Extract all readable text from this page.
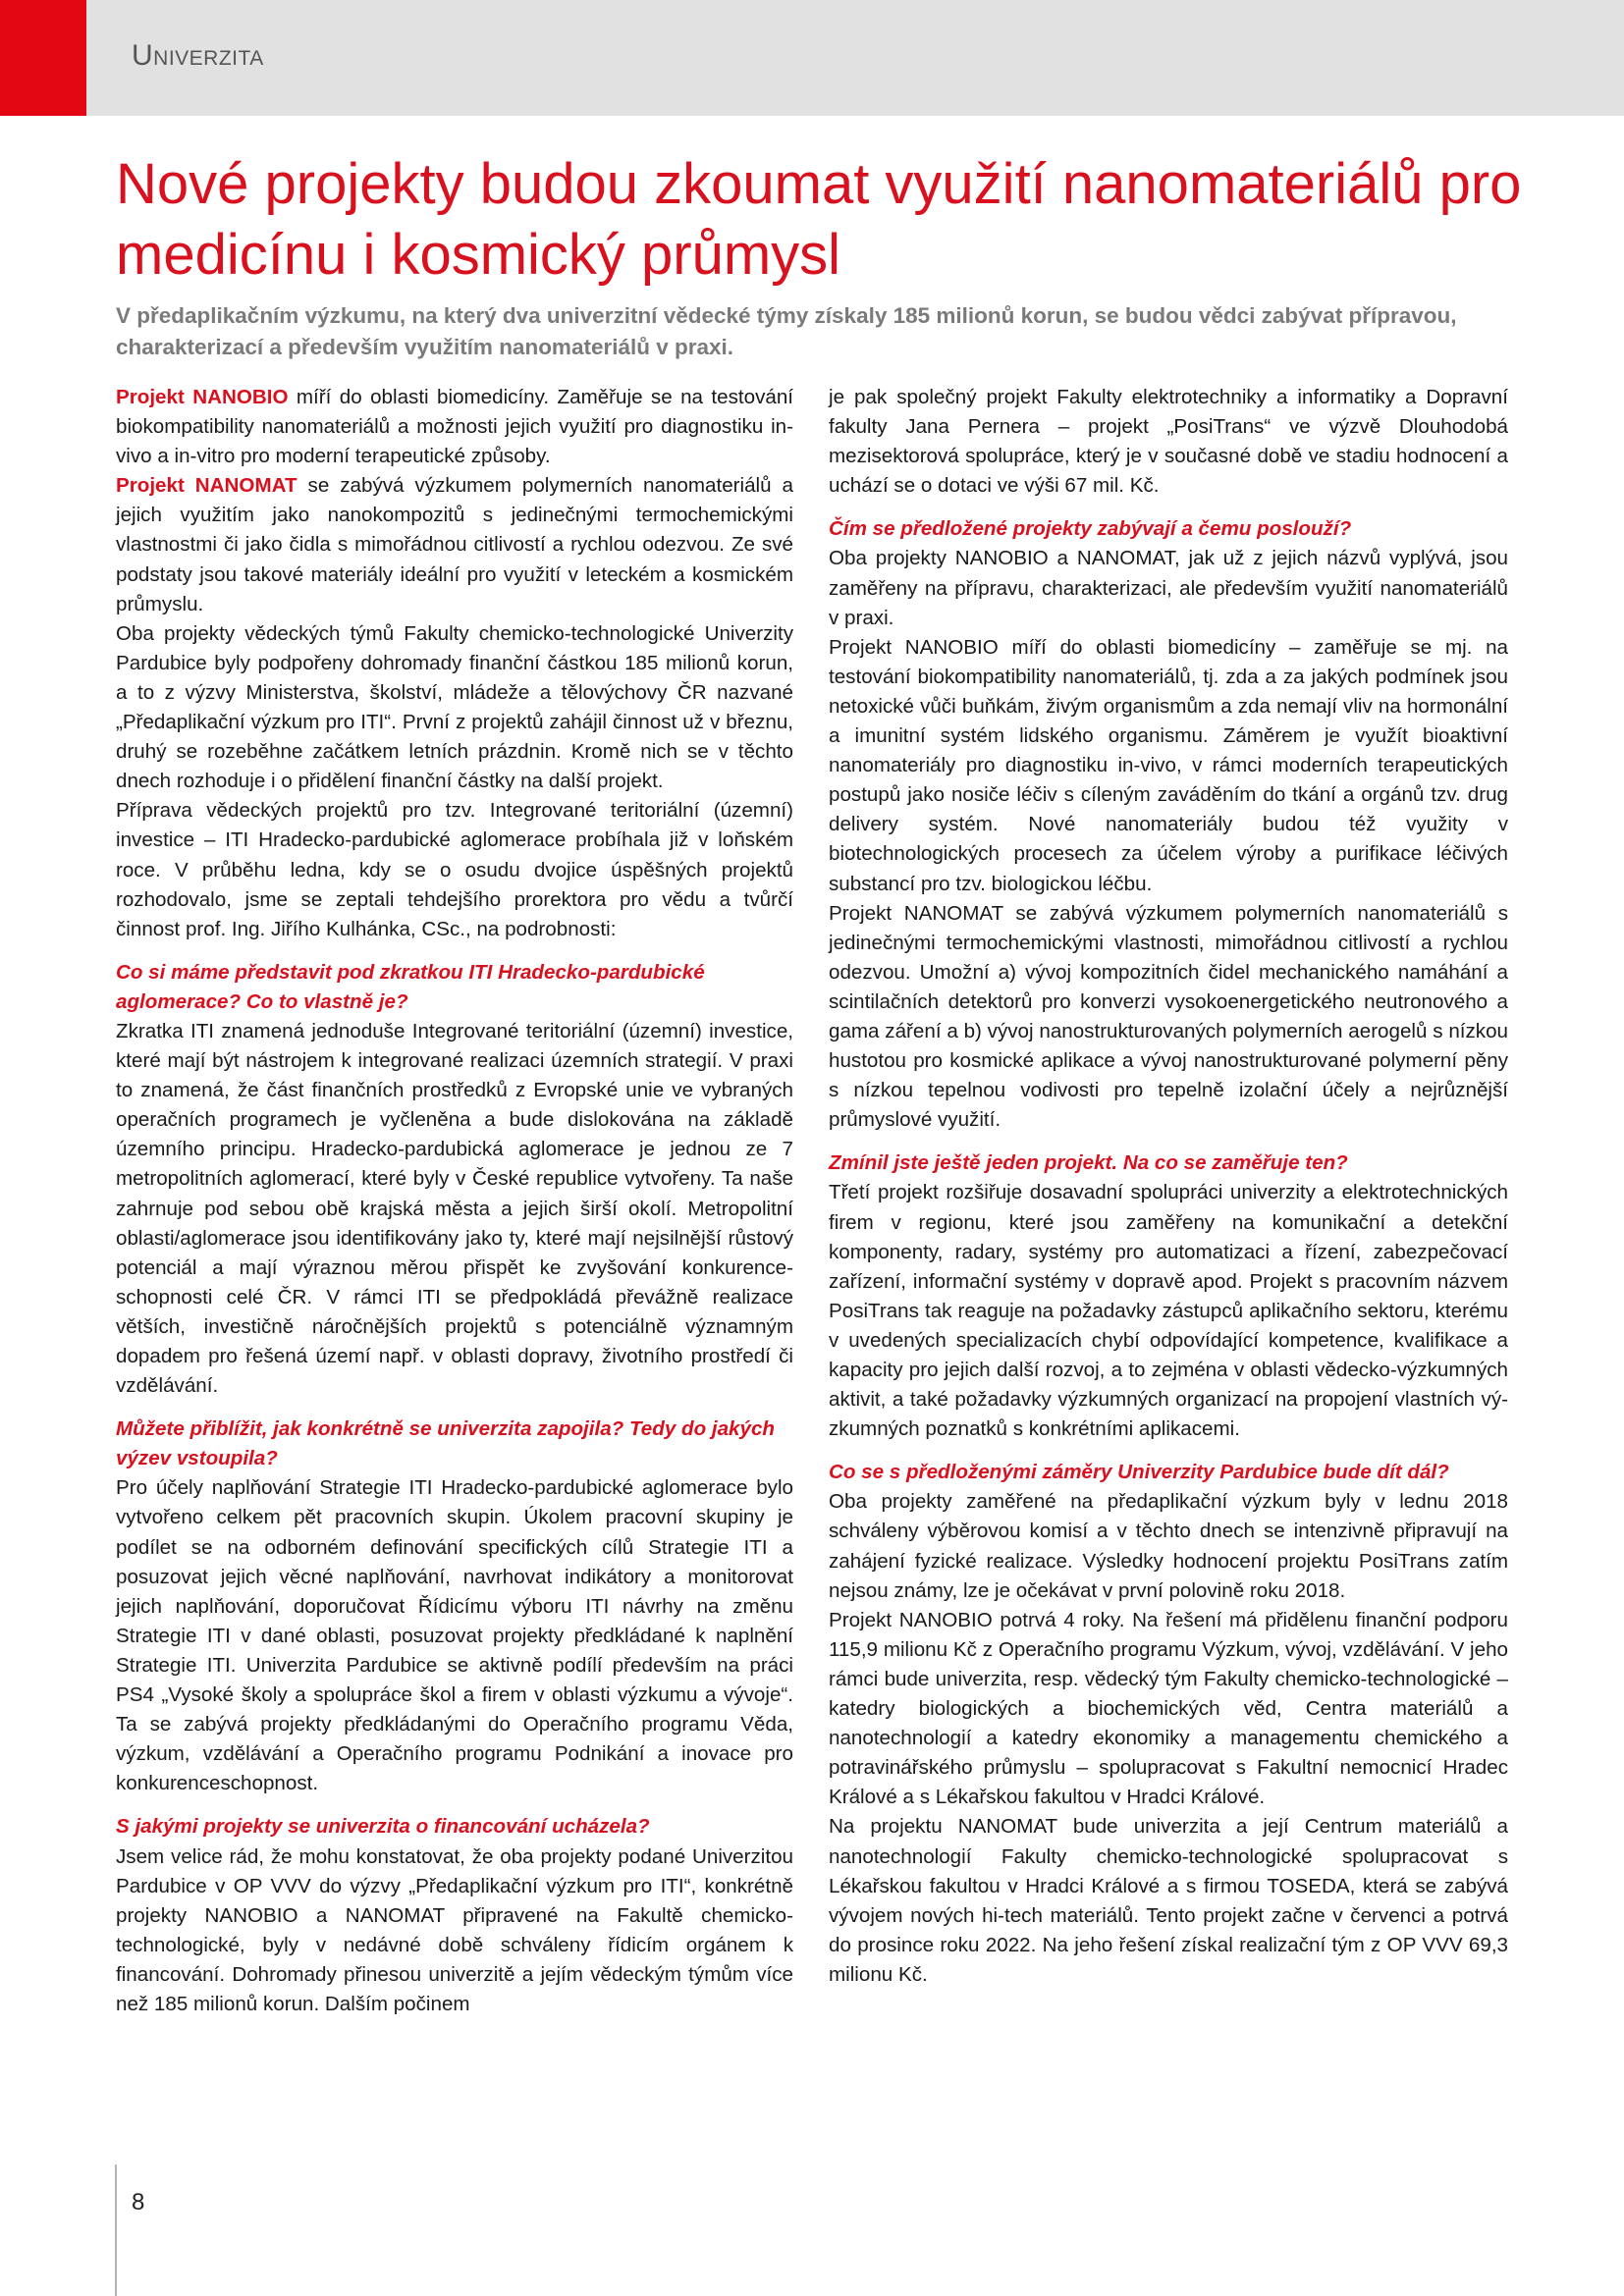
Univerzita
Nové projekty budou zkoumat využití nanomateriálů pro medicínu i kosmický průmysl

V předaplikačním výzkumu, na který dva univerzitní vědecké týmy získaly 185 milionů korun, se budou vědci zabývat přípravou, charakterizací a především využitím nanomateriálů v praxi.

Projekt NANOBIO míří do oblasti biomedicíny. Zaměřuje se na testování biokompatibility nanomateriálů a možnosti jejich využití pro diagnostiku in-vivo a in-vitro pro moderní terapeutické způsoby.

Projekt NANOMAT se zabývá výzkumem polymerních nanomateriálů a jejich využitím jako nanokompozitů s jedinečnými termochemickými vlastnostmi či jako čidla s mimořádnou citlivostí a rychlou odezvou. Ze své podstaty jsou takové materiály ideální pro využití v leteckém a kosmickém průmyslu.

Oba projekty vědeckých týmů Fakulty chemicko-technologické Univerzity Pardubice byly podpořeny dohromady finanční částkou 185 milionů korun, a to z výzvy Ministerstva, školství, mládeže a tělovýchovy ČR nazvané „Předaplikační výzkum pro ITI“. První z projektů zahájil činnost už v březnu, druhý se rozeběhne začátkem letních prázdnin. Kromě nich se v těchto dnech rozhoduje i o přidělení finanční částky na další projekt.

Příprava vědeckých projektů pro tzv. Integrované teritoriální (územní) investice – ITI Hradecko-pardubické aglomerace probíhala již v loňském roce. V průběhu ledna, kdy se o osudu dvojice úspěšných projektů rozhodovalo, jsme se zeptali tehdejšího prorektora pro vědu a tvůrčí činnost prof. Ing. Jiřího Kulhánka, CSc., na podrobnosti:

Co si máme představit pod zkratkou ITI Hradecko-pardubické aglomerace? Co to vlastně je?

Zkratka ITI znamená jednoduše Integrované teritoriální (územní) investice, které mají být nástrojem k integrované realizaci územních strategií. V praxi to znamená, že část finančních prostředků z Evropské unie ve vybraných operačních programech je vyčleněna a bude dislokována na základě územního principu. Hradecko-pardubická aglomerace je jednou ze 7 metropolitních aglomerací, které byly v České republice vytvořeny. Ta naše zahrnuje pod sebou obě krajská města a jejich širší okolí. Metropolitní oblasti/aglomerace jsou identifikovány jako ty, které mají nejsilnější růstový potenciál a mají výraznou měrou přispět ke zvyšování konkurenceschopnosti celé ČR. V rámci ITI se předpokládá převážně realizace větších, investičně náročnějších projektů s potenciálně významným dopadem pro řešená území např. v oblasti dopravy, životního prostředí či vzdělávání.

Můžete přiblížit, jak konkrétně se univerzita zapojila? Tedy do jakých výzev vstoupila?

Pro účely naplňování Strategie ITI Hradecko-pardubické aglomerace bylo vytvořeno celkem pět pracovních skupin. Úkolem pracovní skupiny je podílet se na odborném definování specifických cílů Strategie ITI a posuzovat jejich věcné naplňování, navrhovat indikátory a monitorovat jejich naplňování, doporučovat Řídicímu výboru ITI návrhy na změnu Strategie ITI v dané oblasti, posuzovat projekty předkládané k naplnění Strategie ITI. Univerzita Pardubice se aktivně podílí především na práci PS4 „Vysoké školy a spolupráce škol a firem v oblasti výzkumu a vývoje“. Ta se zabývá projekty předkládanými do Operačního programu Věda, výzkum, vzdělávání a Operačního programu Podnikání a inovace pro konkurenceschopnost.

S jakými projekty se univerzita o financování ucházela?

Jsem velice rád, že mohu konstatovat, že oba projekty podané Univerzitou Pardubice v OP VVV do výzvy „Předaplikační výzkum pro ITI“, konkrétně projekty NANOBIO a NANOMAT připravené na Fakultě chemicko-technologické, byly v nedávné době schváleny řídicím orgánem k financování. Dohromady přinesou univerzitě a jejím vědeckým týmům více než 185 milionů korun. Dalším počinem

je pak společný projekt Fakulty elektrotechniky a informatiky a Dopravní fakulty Jana Pernera – projekt „PosiTrans“ ve výzvě Dlouhodobá mezisektorová spolupráce, který je v současné době ve stadiu hodnocení a uchází se o dotaci ve výši 67 mil. Kč.

Čím se předložené projekty zabývají a čemu poslouží?

Oba projekty NANOBIO a NANOMAT, jak už z jejich názvů vyplývá, jsou zaměřeny na přípravu, charakterizaci, ale především využití nanomateriálů v praxi.

Projekt NANOBIO míří do oblasti biomedicíny – zaměřuje se mj. na testování biokompatibility nanomateriálů, tj. zda a za jakých podmínek jsou netoxické vůči buňkám, živým organismům a zda nemají vliv na hormonální a imunitní systém lidského organismu. Záměrem je využít bioaktivní nanomateriály pro diagnostiku in-vivo, v rámci moderních terapeutických postupů jako nosiče léčiv s cíleným zaváděním do tkání a orgánů tzv. drug delivery systém. Nové nanomateriály budou též využity v biotechnologických procesech za účelem výroby a purifikace léčivých substancí pro tzv. biologickou léčbu.

Projekt NANOMAT se zabývá výzkumem polymerních nanomateriálů s jedinečnými termochemickými vlastnosti, mimořádnou citlivostí a rychlou odezvou. Umožní a) vývoj kompozitních čidel mechanického namáhání a scintilačních detektorů pro konverzi vysokoenergetického neutronového a gama záření a b) vývoj nanostrukturovaných polymerních aerogelů s nízkou hustotou pro kosmické aplikace a vývoj nanostrukturované polymerní pěny s nízkou tepelnou vodivosti pro tepelně izolační účely a nejrůznější průmyslové využití.

Zmínil jste ještě jeden projekt. Na co se zaměřuje ten?

Třetí projekt rozšiřuje dosavadní spolupráci univerzity a elektrotechnických firem v regionu, které jsou zaměřeny na komunikační a detekční komponenty, radary, systémy pro automatizaci a řízení, zabezpečovací zařízení, informační systémy v dopravě apod. Projekt s pracovním názvem PosiTrans tak reaguje na požadavky zástupců aplikačního sektoru, kterému v uvedených specializacích chybí odpovídající kompetence, kvalifikace a kapacity pro jejich další rozvoj, a to zejména v oblasti vědecko-výzkumných aktivit, a také požadavky výzkumných organizací na propojení vlastních výzkumných poznatků s konkrétními aplikacemi.

Co se s předloženými záměry Univerzity Pardubice bude dít dál?

Oba projekty zaměřené na předaplikační výzkum byly v lednu 2018 schváleny výběrovou komisí a v těchto dnech se intenzivně připravují na zahájení fyzické realizace. Výsledky hodnocení projektu PosiTrans zatím nejsou známy, lze je očekávat v první polovině roku 2018.

Projekt NANOBIO potrvá 4 roky. Na řešení má přidělenu finanční podporu 115,9 milionu Kč z Operačního programu Výzkum, vývoj, vzdělávání. V jeho rámci bude univerzita, resp. vědecký tým Fakulty chemicko-technologické – katedry biologických a biochemických věd, Centra materiálů a nanotechnologií a katedry ekonomiky a managementu chemického a potravinářského průmyslu – spolupracovat s Fakultní nemocnicí Hradec Králové a s Lékařskou fakultou v Hradci Králové.

Na projektu NANOMAT bude univerzita a její Centrum materiálů a nanotechnologií Fakulty chemicko-technologické spolupracovat s Lékařskou fakultou v Hradci Králové a s firmou TOSEDA, která se zabývá vývojem nových hi-tech materiálů. Tento projekt začne v červenci a potrvá do prosince roku 2022. Na jeho řešení získal realizační tým z OP VVV 69,3 milionu Kč.

8
